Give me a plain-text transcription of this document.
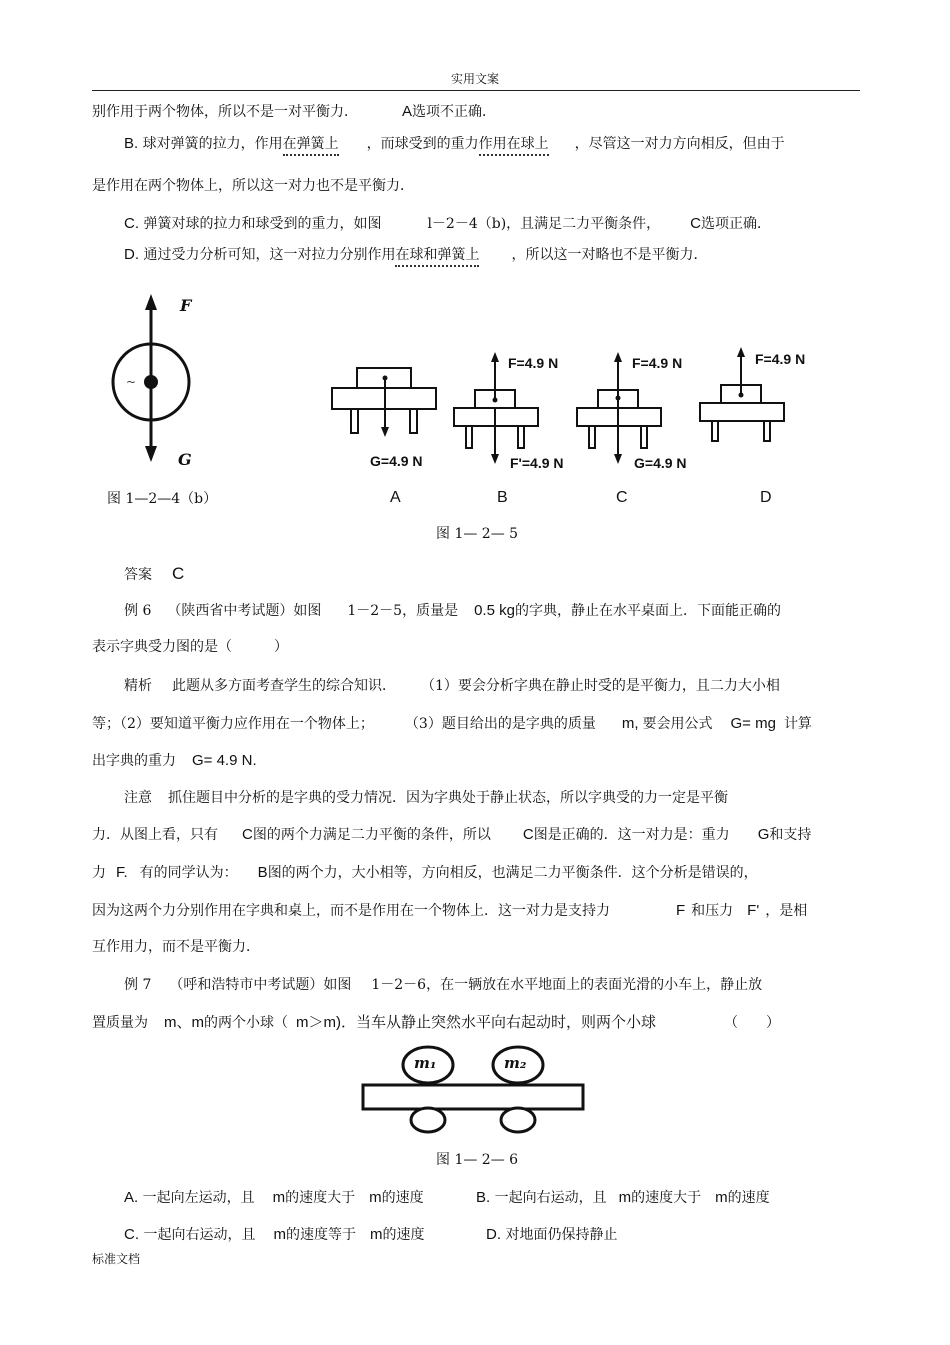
实用文案
别作用于两个物体，所以不是一对平衡力．	A选项不正确．
B. 球对弹簧的拉力，作用在弹簧上 ，而球受到的重力作用在球上 ，尽管这一对力方向相反，但由于
是作用在两个物体上，所以这一对力也不是平衡力．
C. 弹簧对球的拉力和球受到的重力，如图	l－2－4（b)，且满足二力平衡条件， C选项正确．
D. 通过受力分析可知，这一对拉力分别作用在球和弹簧上 ，所以这一对略也不是平衡力．
~
F
G
图 1—2—4（b）
G=4.9 N
F=4.9 N
F'=4.9 N
F=4.9 N
G=4.9 N
F=4.9 N
A	B	C	D
图 1— 2— 5
答案 C
例 6 （陕西省中考试题）如图 1－2－5，质量是 0.5 kg的字典，静止在水平桌面上．下面能正确的
表示字典受力图的是（　　　）
精析 此题从多方面考查学生的综合知识． （1）要会分析字典在静止时受的是平衡力，且二力大小相
等；（2）要知道平衡力应作用在一个物体上；	（3）题目给出的是字典的质量 m, 要会用公式 G= mg 计算
出字典的重力 G= 4.9 N.
注意 抓住题目中分析的是字典的受力情况．因为字典处于静止状态，所以字典受的力一定是平衡
力．从图上看，只有 C图的两个力满足二力平衡的条件，所以 C图是正确的．这一对力是：重力 G和支持
力 F. 有的同学认为： B图的两个力，大小相等，方向相反，也满足二力平衡条件．这个分析是错误的，
因为这两个力分别作用在字典和桌上，而不是作用在一个物体上．这一对力是支持力	F 和压力 F' ，是相
互作用力，而不是平衡力．
例 7 （呼和浩特市中考试题）如图 1－2－6，在一辆放在水平地面上的表面光滑的小车上，静止放
置质量为 m、m的两个小球（ m＞m)．当车从静止突然水平向右起动时，则两个小球	（　　）
m₁	m₂
图 1— 2— 6
A. 一起向左运动，且 m的速度大于 m的速度	B. 一起向右运动，且 m的速度大于 m的速度
C. 一起向右运动，且 m的速度等于 m的速度	D. 对地面仍保持静止
标准文档
